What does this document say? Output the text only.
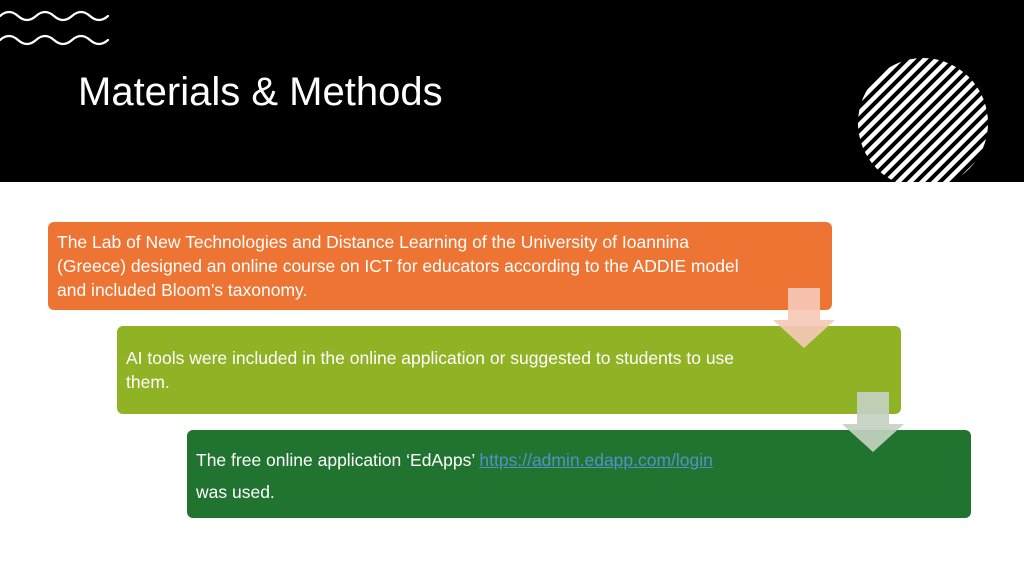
Materials & Methods

The Lab of New Technologies and Distance Learning of the University of Ioannina (Greece) designed an online course on ICT for educators according to the ADDIE model and included Bloom’s taxonomy.

AI tools were included in the online application or suggested to students to use them.

The free online application ‘EdApps’ https://admin.edapp.com/login
was used.
